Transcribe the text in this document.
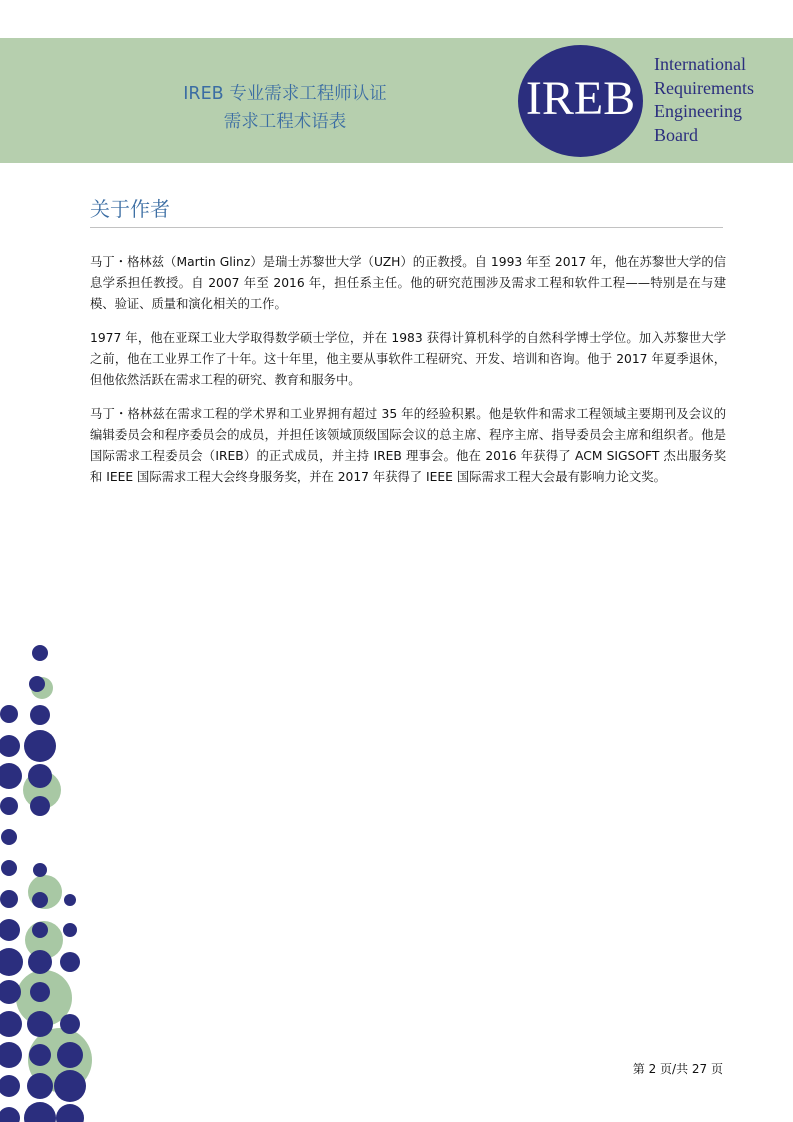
IREB 专业需求工程师认证
需求工程术语表	IREB
International
Requirements
Engineering
Board
关于作者

马丁・格林兹（Martin Glinz）是瑞士苏黎世大学（UZH）的正教授。自 1993 年至 2017 年，他在苏黎世大学的信息学系担任教授。自 2007 年至 2016 年，担任系主任。他的研究范围涉及需求工程和软件工程——特别是在与建模、验证、质量和演化相关的工作。

1977 年，他在亚琛工业大学取得数学硕士学位，并在 1983 获得计算机科学的自然科学博士学位。加入苏黎世大学之前，他在工业界工作了十年。这十年里，他主要从事软件工程研究、开发、培训和咨询。他于 2017 年夏季退休，但他依然活跃在需求工程的研究、教育和服务中。

马丁・格林兹在需求工程的学术界和工业界拥有超过 35 年的经验积累。他是软件和需求工程领域主要期刊及会议的编辑委员会和程序委员会的成员，并担任该领域顶级国际会议的总主席、程序主席、指导委员会主席和组织者。他是国际需求工程委员会（IREB）的正式成员，并主持 IREB 理事会。他在 2016 年获得了 ACM SIGSOFT 杰出服务奖和 IEEE 国际需求工程大会终身服务奖，并在 2017 年获得了 IEEE 国际需求工程大会最有影响力论文奖。

第 2 页/共 27 页
